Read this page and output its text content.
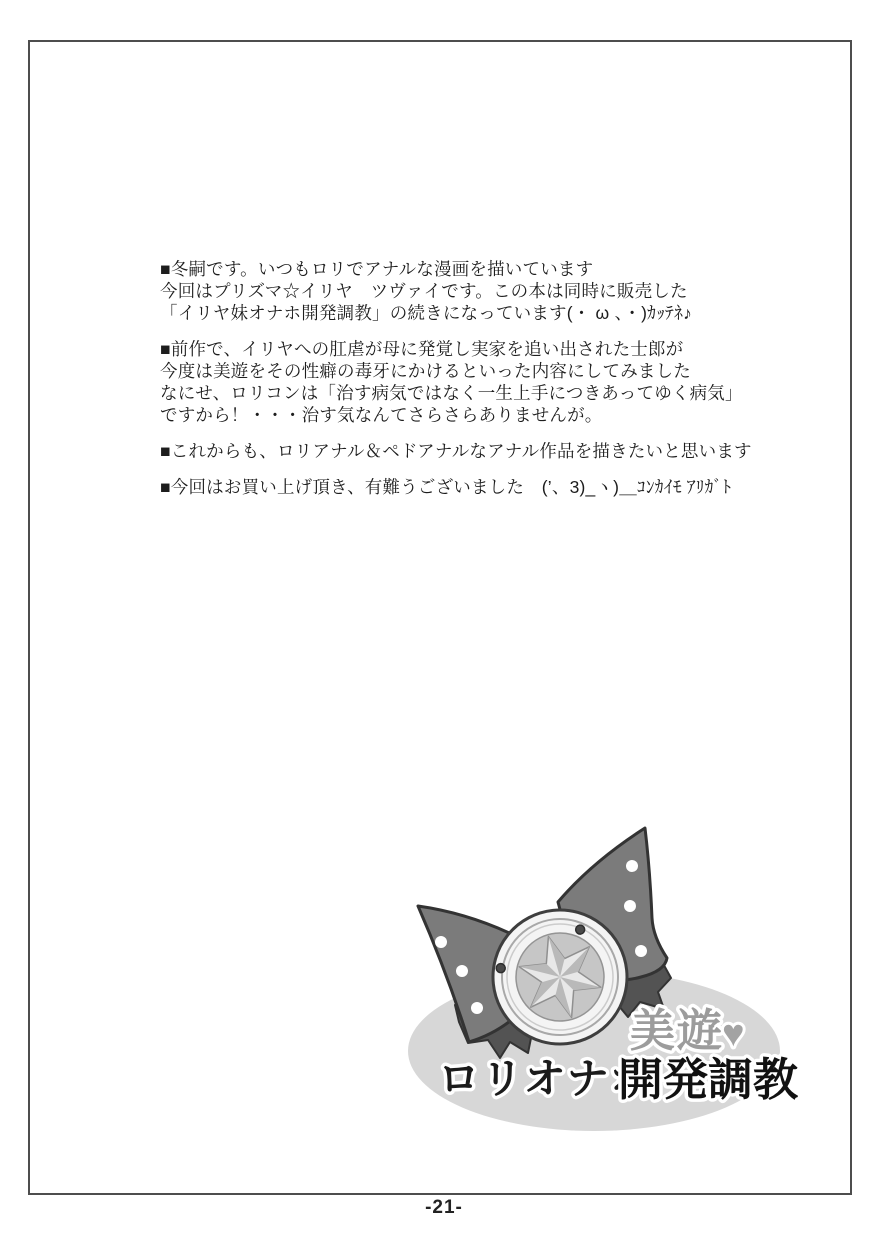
■冬嗣です。いつもロリでアナルな漫画を描いています
今回はプリズマ☆イリヤ　ツヴァイです。この本は同時に販売した
「イリヤ妹オナホ開発調教」の続きになっています(・ ω 、・)ｶｯﾃﾈ♪

■前作で、イリヤへの肛虐が母に発覚し実家を追い出された士郎が
今度は美遊をその性癖の毒牙にかけるといった内容にしてみました
なにせ、ロリコンは「治す病気ではなく一生上手につきあってゆく病気」
ですから！・・・治す気なんてさらさらありませんが。

■これからも、ロリアナル＆ペドアナルなアナル作品を描きたいと思います

■今回はお買い上げ頂き、有難うございました　(’、3)_ヽ)＿ｺﾝｶｲﾓ ｱﾘｶﾞﾄ

美遊
♥
ロリオナホ
開発調教
-21-
